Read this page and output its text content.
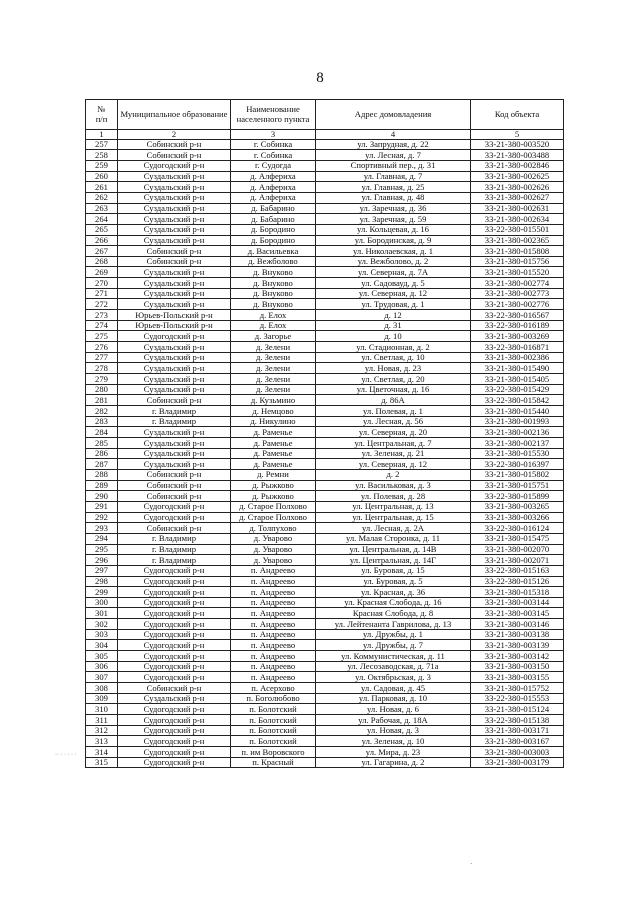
8
№
п/п	Муниципальное образование	Наименование населенного пункта	Адрес домовладения	Код объекта
1	2	3	4	5
257	Собинский р-н	г. Собинка	ул. Запрудная, д. 22	33-21-380-003520
258	Собинский р-н	г. Собинка	ул. Лесная, д. 7	33-21-380-003488
259	Судогодский р-н	г. Судогда	Спортивный пер., д. 31	33-21-380-002846
260	Суздальский р-н	д. Алфериха	ул. Главная, д. 7	33-21-380-002625
261	Суздальский р-н	д. Алфериха	ул. Главная, д. 25	33-21-380-002626
262	Суздальский р-н	д. Алфериха	ул. Главная, д. 48	33-21-380-002627
263	Суздальский р-н	д. Бабарино	ул. Заречная, д. 36	33-21-380-002631
264	Суздальский р-н	д. Бабарино	ул. Заречная, д. 59	33-21-380-002634
265	Суздальский р-н	д. Бородино	ул. Кольцевая, д. 16	33-22-380-015501
266	Суздальский р-н	д. Бородино	ул. Бородинская, д. 9	33-21-380-002365
267	Собинский р-н	д. Васильевка	ул. Николаевская, д. 1	33-21-380-015808
268	Собинский р-н	д. Вежболово	ул. Вежболово, д. 2	33-21-380-015756
269	Суздальский р-н	д. Внуково	ул. Северная, д. 7А	33-21-380-015520
270	Суздальский р-н	д. Внуково	ул. Садовауд, д. 5	33-21-380-002774
271	Суздальский р-н	д. Внуково	ул. Северная, д. 12	33-21-380-002773
272	Суздальский р-н	д. Внуково	ул. Трудовая, д. 1	33-21-380-002776
273	Юрьев-Польский р-н	д. Елох	д. 12	33-22-380-016567
274	Юрьев-Польский р-н	д. Елох	д. 31	33-22-380-016189
275	Судогодский р-н	д. Загорье	д. 10	33-21-380-003269
276	Суздальский р-н	д. Зелени	ул. Стадионная, д. 2	33-22-380-016871
277	Суздальский р-н	д. Зелени	ул. Светлая, д. 10	33-21-380-002386
278	Суздальский р-н	д. Зелени	ул. Новая, д. 23	33-21-380-015490
279	Суздальский р-н	д. Зелени	ул. Светлая, д. 20	33-21-380-015405
280	Суздальский р-н	д. Зелени	ул. Цветочная, д. 16	33-22-380-015429
281	Собинский р-н	д. Кузьмино	д. 86А	33-22-380-015842
282	г. Владимир	д. Немцово	ул. Полевая, д. 1	33-21-380-015440
283	г. Владимир	д. Никулино	ул. Лесная, д. 56	33-21-380-001993
284	Суздальский р-н	д. Раменье	ул. Северная, д. 20	33-21-380-002136
285	Суздальский р-н	д. Раменье	ул. Центральная, д. 7	33-21-380-002137
286	Суздальский р-н	д. Раменье	ул. Зеленая, д. 21	33-21-380-015530
287	Суздальский р-н	д. Раменье	ул. Северная, д. 12	33-22-380-016397
288	Собинский р-н	д. Ремни	д. 2	33-21-380-015802
289	Собинский р-н	д. Рыжково	ул. Васильковая, д. 3	33-21-380-015751
290	Собинский р-н	д. Рыжково	ул. Полевая, д. 28	33-22-380-015899
291	Судогодский р-н	д. Старое Полхово	ул. Центральная, д. 13	33-21-380-003265
292	Судогодский р-н	д. Старое Полхово	ул. Центральная, д. 15	33-21-380-003266
293	Собинский р-н	д. Толпухово	ул. Лесная, д. 2А	33-22-380-016124
294	г. Владимир	д. Уварово	ул. Малая Сторонка, д. 11	33-21-380-015475
295	г. Владимир	д. Уварово	ул. Центральная, д. 14В	33-21-380-002070
296	г. Владимир	д. Уварово	ул. Центральная, д. 14Г	33-21-380-002071
297	Судогодский р-н	п. Андреево	ул. Буровая, д. 15	33-22-380-015163
298	Судогодский р-н	п. Андреево	ул. Буровая, д. 5	33-22-380-015126
299	Судогодский р-н	п. Андреево	ул. Красная, д. 36	33-21-380-015318
300	Судогодский р-н	п. Андреево	ул. Красная Слобода, д. 16	33-21-380-003144
301	Судогодский р-н	п. Андреево	Красная Слобода, д. 8	33-21-380-003145
302	Судогодский р-н	п. Андреево	ул. Лейтенанта Гаврилова, д. 13	33-21-380-003146
303	Судогодский р-н	п. Андреево	ул. Дружбы, д. 1	33-21-380-003138
304	Судогодский р-н	п. Андреево	ул. Дружбы, д. 7	33-21-380-003139
305	Судогодский р-н	п. Андреево	ул. Коммунистическая, д. 11	33-21-380-003142
306	Судогодский р-н	п. Андреево	ул. Лесозаводская, д. 71а	33-21-380-003150
307	Судогодский р-н	п. Андреево	ул. Октябрьская, д. 3	33-21-380-003155
308	Собинский р-н	п. Асерхово	ул. Садовая, д. 45	33-21-380-015752
309	Суздальский р-н	п. Боголюбово	ул. Парковая, д. 10	33-22-380-015553
310	Судогодский р-н	п. Болотский	ул. Новая, д. 6	33-21-380-015124
311	Судогодский р-н	п. Болотский	ул. Рабочая, д. 18А	33-22-380-015138
312	Судогодский р-н	п. Болотский	ул. Новая, д. 3	33-21-380-003171
313	Судогодский р-н	п. Болотский	ул. Зеленая, д. 10	33-21-380-003167
314	Судогодский р-н	п. им Воровского	ул. Мира, д. 23	33-21-380-003003
315	Судогодский р-н	п. Красный	ул. Гагарина, д. 2	33-21-380-003179
·· · · · · ·
·
